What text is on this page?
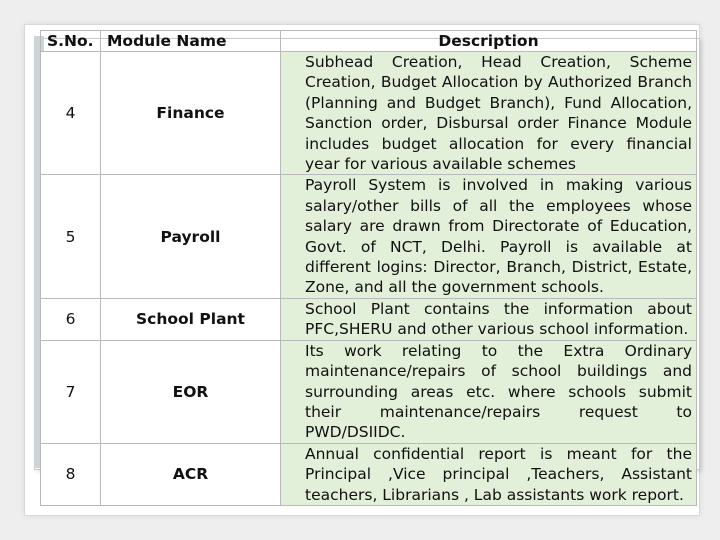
S.No.	Module Name	Description
4	Finance	Subhead Creation, Head Creation, Scheme Creation, Budget Allocation by Authorized Branch (Planning and Budget Branch), Fund Allocation, Sanction order, Disbursal order Finance Module includes budget allocation for every financial year for various available schemes
5	Payroll	Payroll System is involved in making various salary/other bills of all the employees whose salary are drawn from Directorate of Education, Govt. of NCT, Delhi. Payroll is available at different logins: Director, Branch, District, Estate, Zone, and all the government schools.
6	School Plant	School Plant contains the information about PFC,SHERU and other various school information.
7	EOR	Its work relating to the Extra Ordinary maintenance/repairs of school buildings and surrounding areas etc. where schools submit their maintenance/repairs request to PWD/DSIIDC.
8	ACR	Annual confidential report is meant for the Principal ,Vice principal ,Teachers, Assistant teachers, Librarians , Lab assistants work report.
